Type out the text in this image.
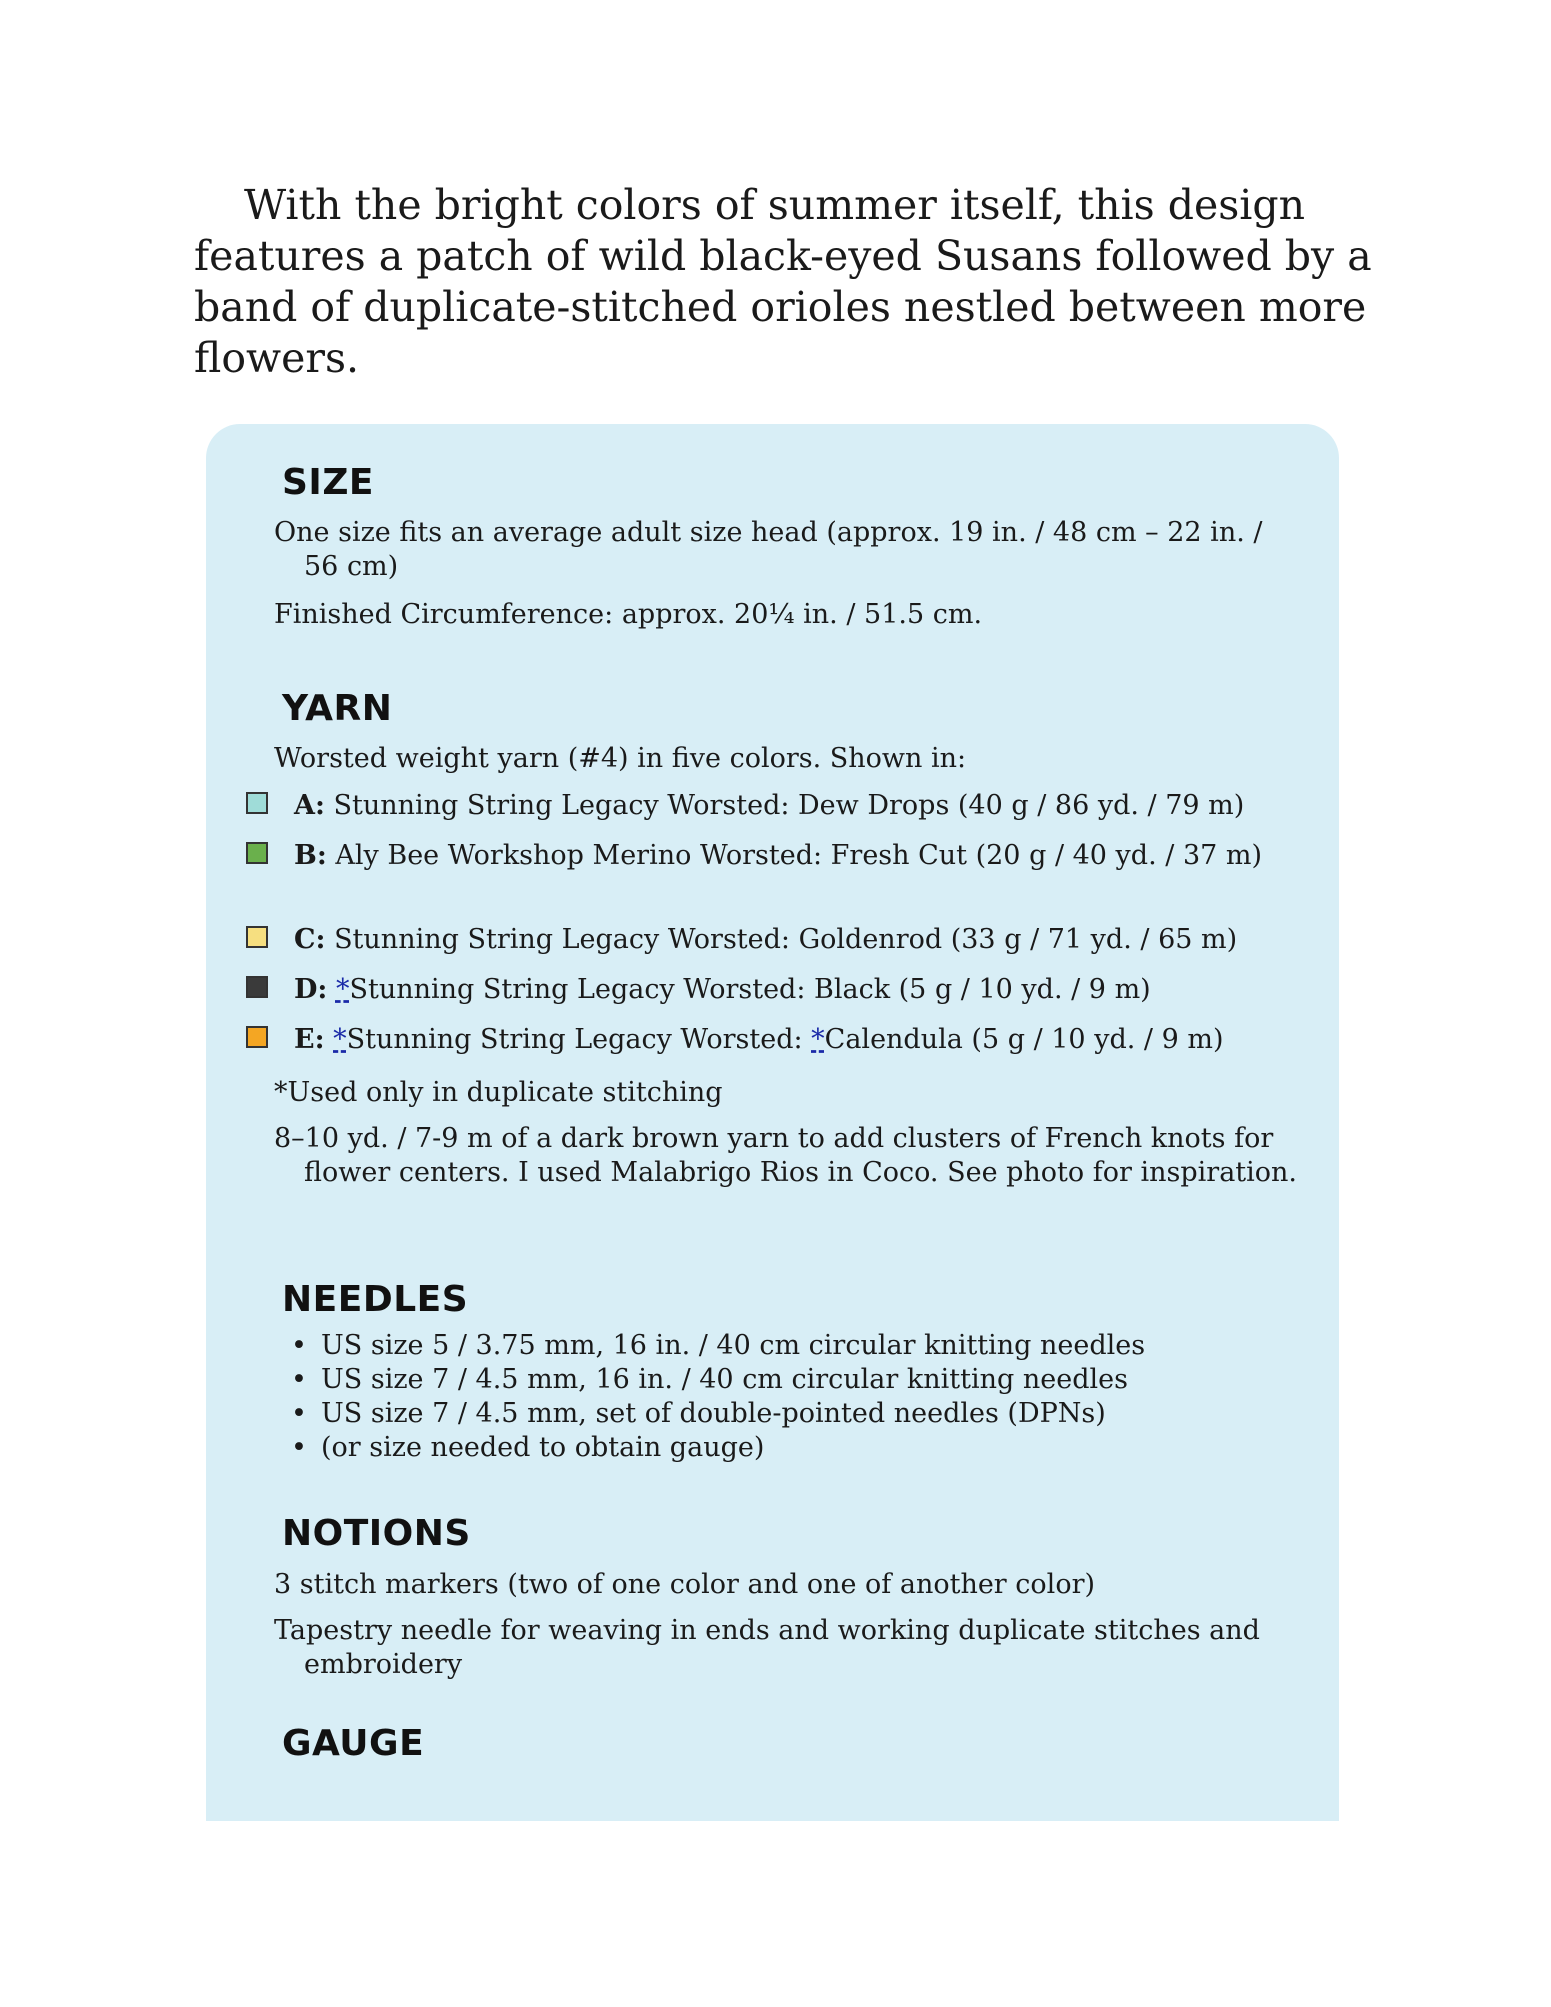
With the bright colors of summer itself, this design features a patch of wild black-eyed Susans followed by a band of duplicate-stitched orioles nestled between more flowers.

SIZE

One size fits an average adult size head (approx. 19 in. / 48 cm – 22 in. / 56 cm)

Finished Circumference: approx. 20¼ in. / 51.5 cm.

YARN

Worsted weight yarn (#4) in five colors. Shown in:

A: Stunning String Legacy Worsted: Dew Drops (40 g / 86 yd. / 79 m)
B: Aly Bee Workshop Merino Worsted: Fresh Cut (20 g / 40 yd. / 37 m)
C: Stunning String Legacy Worsted: Goldenrod (33 g / 71 yd. / 65 m)
D: *Stunning String Legacy Worsted: Black (5 g / 10 yd. / 9 m)
E: *Stunning String Legacy Worsted: *Calendula (5 g / 10 yd. / 9 m)

*Used only in duplicate stitching

8–10 yd. / 7-9 m of a dark brown yarn to add clusters of French knots for flower centers. I used Malabrigo Rios in Coco. See photo for inspiration.

NEEDLES
• US size 5 / 3.75 mm, 16 in. / 40 cm circular knitting needles
• US size 7 / 4.5 mm, 16 in. / 40 cm circular knitting needles
• US size 7 / 4.5 mm, set of double-pointed needles (DPNs)
• (or size needed to obtain gauge)
NOTIONS

3 stitch markers (two of one color and one of another color)

Tapestry needle for weaving in ends and working duplicate stitches and embroidery

GAUGE
